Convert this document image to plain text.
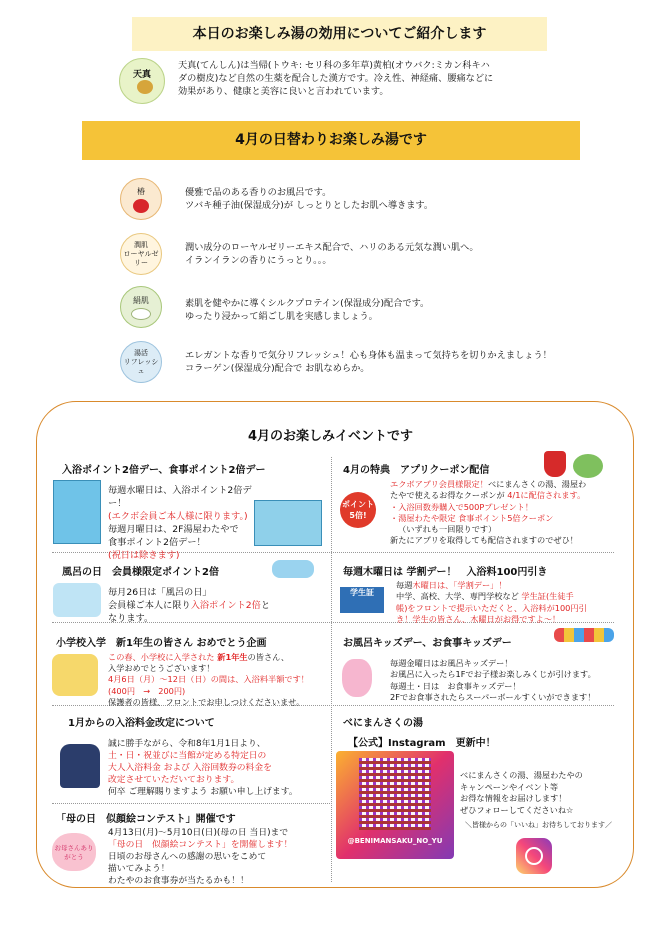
本日のお楽しみ湯の効用についてご紹介します
天真
天真(てんしん)は当帰(トウキ: セリ科の多年草)黄柏(オウバク:ミカン科キハ
ダの樹皮)など自然の生薬を配合した漢方です。冷え性、神経痛、腰痛などに
効果があり、健康と美容に良いと言われています。
4月の日替わりお楽しみ湯です
椿	優雅で品のある香りのお風呂です。
ツバキ種子油(保湿成分)が しっとりとしたお肌へ導きます。
潤肌
ローヤルゼリー
潤い成分のローヤルゼリーエキス配合で、ハリのある元気な潤い肌へ。
イランイランの香りにうっとり。。。
絹肌	素肌を健やかに導くシルクプロテイン(保湿成分)配合です。
ゆったり浸かって絹ごし肌を実感しましょう。
湯活
リフレッシュ
エレガントな香りで気分リフレッシュ！心も身体も温まって気持ちを切りかえましょう！
コラーゲン(保湿成分)配合で お肌なめらか。
4月のお楽しみイベントです
入浴ポイント2倍デー、食事ポイント2倍デー
毎週水曜日は、入浴ポイント2倍デー！
(エクボ会員ご本人様に限ります。)
毎週月曜日は、2F湯屋わたやで
食事ポイント2倍デー！
(祝日は除きます)
4月の特典　アプリクーポン配信
ポイント5倍!
エクボアプリ会員様限定！べにまんさくの湯、湯屋わ
たやで使えるお得なクーポンが 4/1に配信されます。
・入浴回数券購入で500Pプレゼント！
・湯屋わたや限定 食事ポイント5倍クーポン
（いずれも一回限りです）
新たにアプリを取得しても配信されますのでぜひ！
風呂の日　会員様限定ポイント2倍
毎月26日は「風呂の日」
会員様ご本人に限り入浴ポイント2倍と
なります。
毎週木曜日は 学割デー！　入浴料100円引き
学生証
毎週木曜日は、「学割デー」！
中学、高校、大学、専門学校など 学生証(生徒手
帳)をフロントで提示いただくと、入浴料が100円引
き！学生の皆さん、木曜日がお得ですよ～！
小学校入学　新1年生の皆さん おめでとう企画
この春、小学校に入学された 新1年生の皆さん、
入学おめでとうございます！
4月6日（月）～12日（日）の間は、入浴料半額です！
(400円　→　200円)
保護者の皆様、フロントでお申しつけくださいませ。
お風呂キッズデー、お食事キッズデー
毎週金曜日はお風呂キッズデー！
お風呂に入ったら1Fでお子様お楽しみくじが引けます。
毎週土・日は　お食事キッズデー！
2Fでお食事されたらスーパーボールすくいができます！
1月からの入浴料金改定について
誠に勝手ながら、令和8年1月1日より、
土・日・祝並びに当館が定める特定日の
大人入浴料金 および 入浴回数券の料金を
改定させていただいております。
何卒 ご理解賜りますよう お願い申し上げます。
べにまんさくの湯
【公式】Instagram　更新中！
@BENIMANSAKU_NO_YU
べにまんさくの湯、湯屋わたやの
キャンペーンやイベント等
お得な情報をお届けします！
ぜひフォローしてくださいね☆
＼皆様からの「いいね」お待ちしております／
「母の日　似顔絵コンテスト」開催です
お母さんありがとう
4月13日(月)～5月10日(日)(母の日 当日)まで
「母の日　似顔絵コンテスト」を開催します！
日頃のお母さんへの感謝の思いをこめて
描いてみよう！
わたやのお食事券が当たるかも！！
